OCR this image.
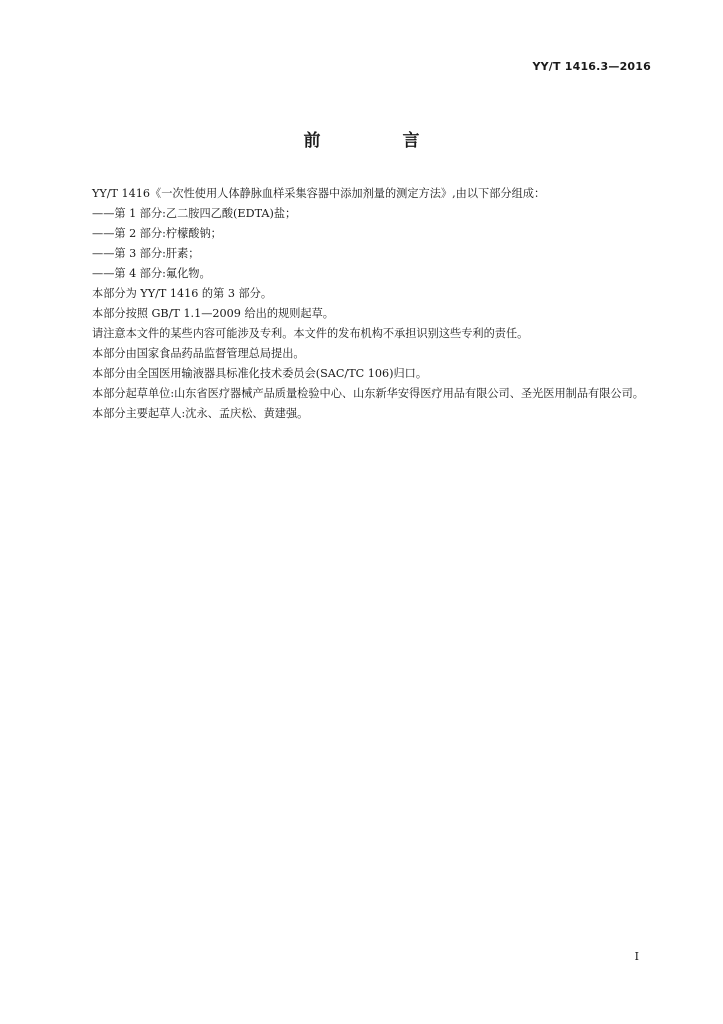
YY/T 1416.3—2016
前 言

YY/T 1416《一次性使用人体静脉血样采集容器中添加剂量的测定方法》,由以下部分组成：

——第 1 部分:乙二胺四乙酸(EDTA)盐；

——第 2 部分:柠檬酸钠；

——第 3 部分:肝素；

——第 4 部分:氟化物。

本部分为 YY/T 1416 的第 3 部分。

本部分按照 GB/T 1.1—2009 给出的规则起草。

请注意本文件的某些内容可能涉及专利。本文件的发布机构不承担识别这些专利的责任。

本部分由国家食品药品监督管理总局提出。

本部分由全国医用输液器具标准化技术委员会(SAC/TC 106)归口。

本部分起草单位:山东省医疗器械产品质量检验中心、山东新华安得医疗用品有限公司、圣光医用制品有限公司。

本部分主要起草人:沈永、孟庆松、黄建强。

I
